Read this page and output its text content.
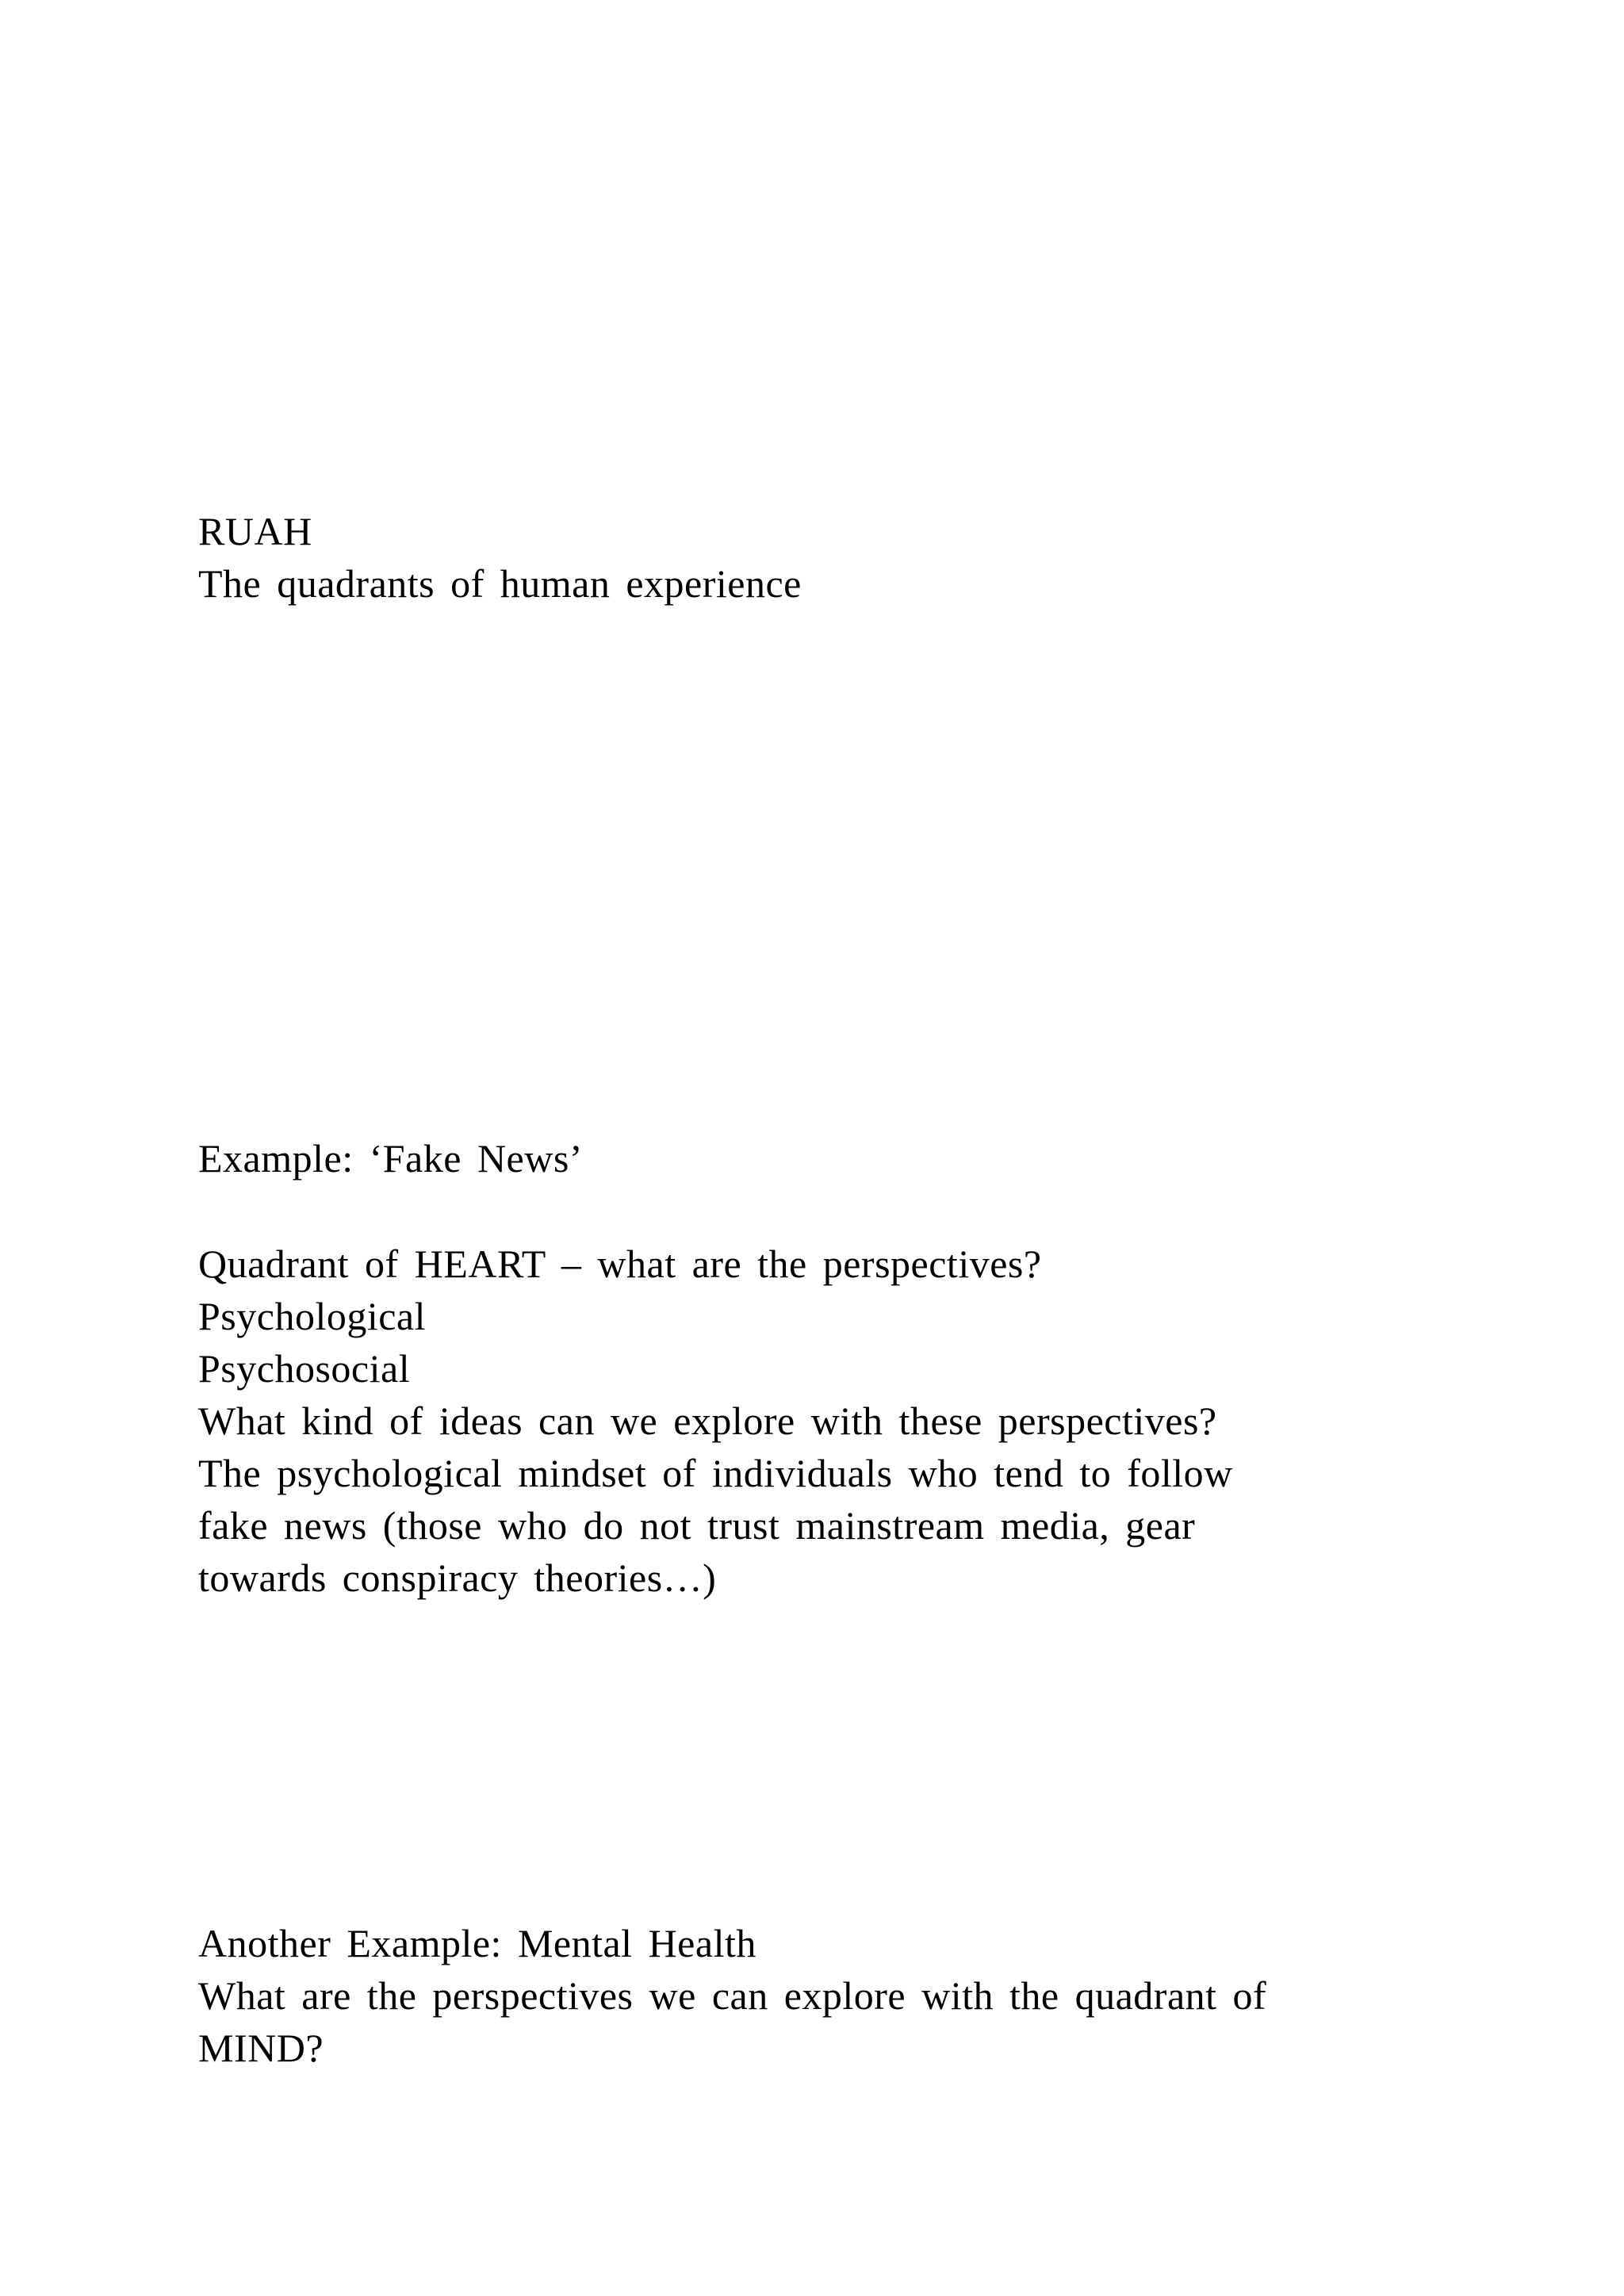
RUAH
The quadrants of human experience
Example: ‘Fake News’
Quadrant of HEART – what are the perspectives?
Psychological
Psychosocial
What kind of ideas can we explore with these perspectives?
The psychological mindset of individuals who tend to follow
fake news (those who do not trust mainstream media, gear
towards conspiracy theories…)
Another Example: Mental Health
What are the perspectives we can explore with the quadrant of
MIND?
